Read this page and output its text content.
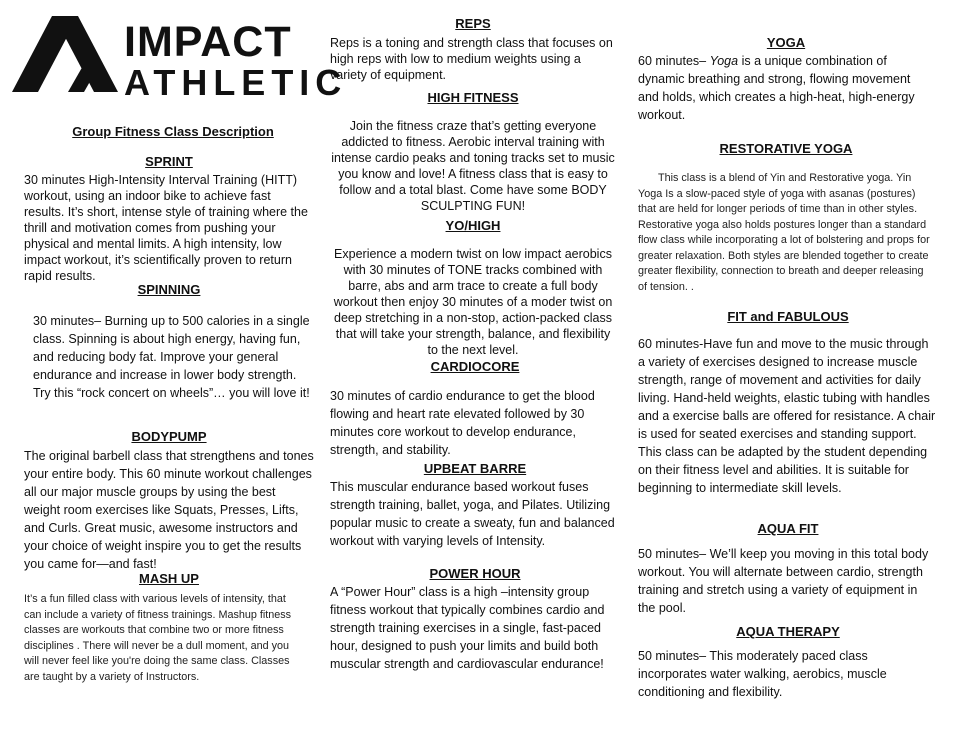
IMPACT
ATHLETIC

Group Fitness Class Description

SPRINT

30 minutes High-Intensity Interval Training (HITT) workout, using an indoor bike to achieve fast results. It’s short, intense style of training where the thrill and motivation comes from pushing your physical and mental limits. A high intensity, low impact workout, it’s scientifically proven to return rapid results.

SPINNING

30 minutes– Burning up to 500 calories in a single class. Spinning is about high energy, having fun, and reducing body fat. Improve your general endurance and increase in lower body strength. Try this “rock concert on wheels”… you will love it!

BODYPUMP

The original barbell class that strengthens and tones your entire body. This 60 minute workout challenges all our major muscle groups by using the best weight room exercises like Squats, Presses, Lifts, and Curls. Great music, awesome instructors and your choice of weight inspire you to get the results you came for—and fast!

MASH UP

It’s a fun filled class with various levels of intensity, that can include a variety of fitness trainings. Mashup fitness classes are workouts that combine two or more fitness disciplines . There will never be a dull moment, and you will never feel like you're doing the same class. Classes are taught by a variety of Instructors.

REPS

Reps is a toning and strength class that focuses on high reps with low to medium weights using a variety of equipment.

HIGH FITNESS

Join the fitness craze that’s getting everyone addicted to fitness. Aerobic interval training with intense cardio peaks and toning tracks set to music you know and love! A fitness class that is easy to follow and a total blast. Come have some BODY SCULPTING FUN!

YO/HIGH

Experience a modern twist on low impact aerobics with 30 minutes of TONE tracks combined with barre, abs and arm trace to create a full body workout then enjoy 30 minutes of a moder twist on deep stretching in a non-stop, action-packed class that will take your strength, balance, and flexibility to the next level.

CARDIOCORE

30 minutes of cardio endurance to get the blood flowing and heart rate elevated followed by 30 minutes core workout to develop endurance, strength, and stability.

UPBEAT BARRE

This muscular endurance based workout fuses strength training, ballet, yoga, and Pilates. Utilizing popular music to create a sweaty, fun and balanced workout with varying levels of Intensity.

POWER HOUR

A “Power Hour” class is a high –intensity group fitness workout that typically combines cardio and strength training exercises in a single, fast-paced hour, designed to push your limits and build both muscular strength and cardiovascular endurance!

YOGA

60 minutes– Yoga is a unique combination of dynamic breathing and strong, flowing movement and holds, which creates a high-heat, high-energy workout.

RESTORATIVE YOGA

This class is a blend of Yin and Restorative yoga. Yin Yoga Is a slow-paced style of yoga with asanas (postures) that are held for longer periods of time than in other styles. Restorative yoga also holds postures longer than a standard flow class while incorporating a lot of bolstering and props for greater relaxation. Both styles are blended together to create greater flexibility, connection to breath and deeper releasing of tension. .

FIT and FABULOUS

60 minutes-Have fun and move to the music through a variety of exercises designed to increase muscle strength, range of movement and activities for daily living. Hand-held weights, elastic tubing with handles and a exercise balls are offered for resistance. A chair is used for seated exercises and standing support. This class can be adapted by the student depending on their fitness level and abilities. It is suitable for beginning to intermediate skill levels.

AQUA FIT

50 minutes– We’ll keep you moving in this total body workout. You will alternate between cardio, strength training and stretch using a variety of equipment in the pool.

AQUA THERAPY

50 minutes– This moderately paced class incorporates water walking, aerobics, muscle conditioning and flexibility.
